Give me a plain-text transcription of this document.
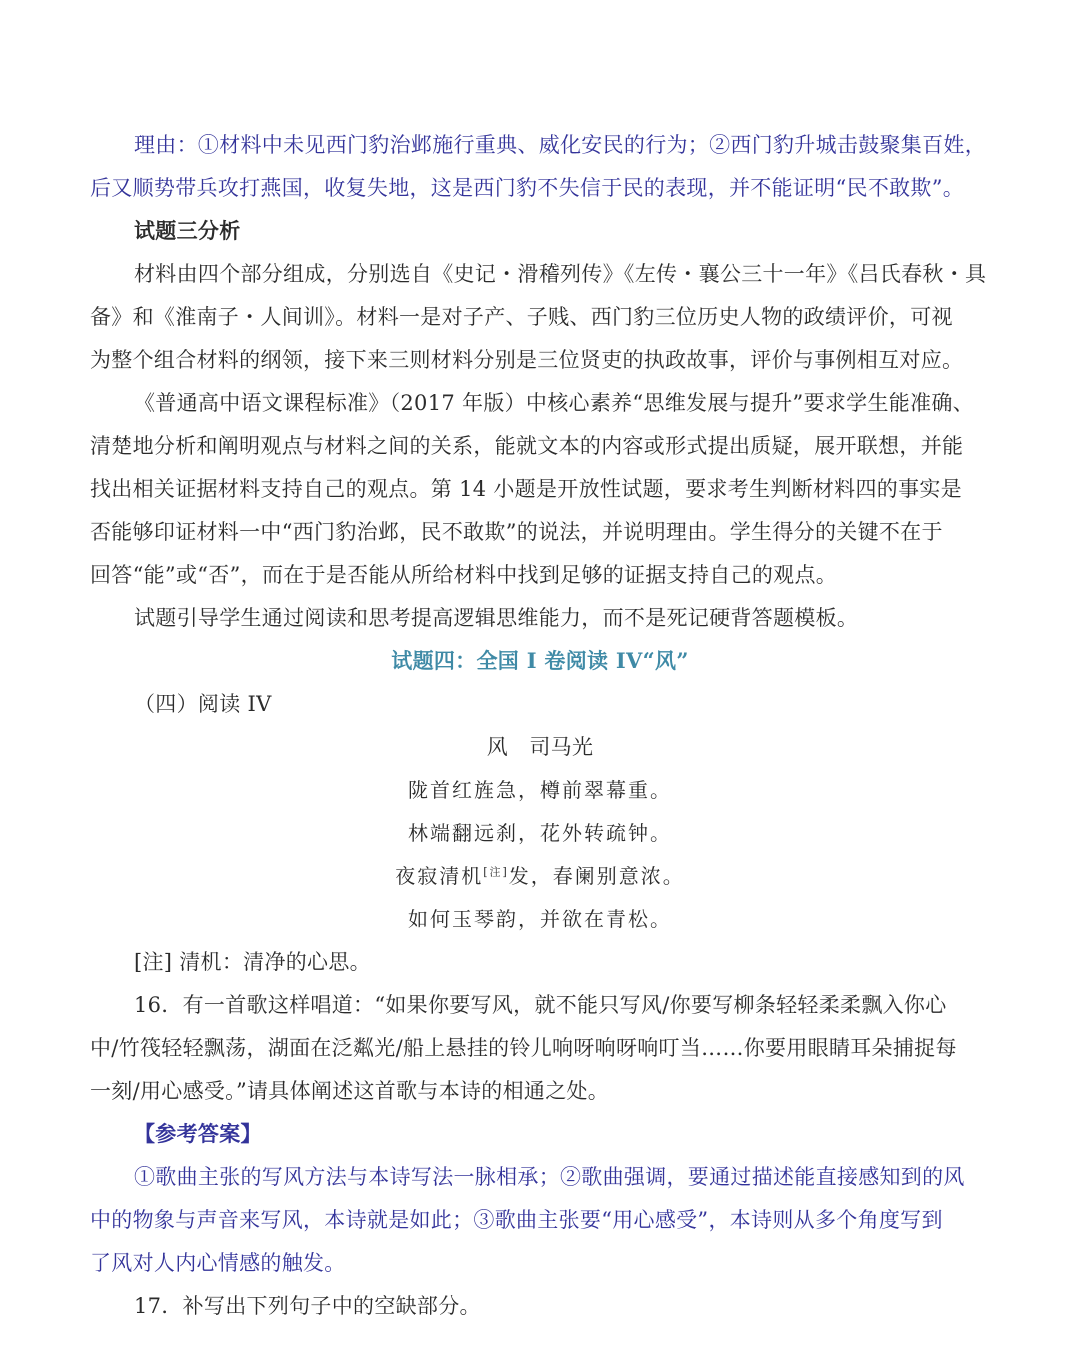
理由：①材料中未见西门豹治邺施行重典、威化安民的行为；②西门豹升城击鼓聚集百姓，
后又顺势带兵攻打燕国，收复失地，这是西门豹不失信于民的表现，并不能证明“民不敢欺”。
试题三分析
材料由四个部分组成，分别选自《史记・滑稽列传》《左传・襄公三十一年》《吕氏春秋・具
备》和《淮南子・人间训》。材料一是对子产、子贱、西门豹三位历史人物的政绩评价，可视
为整个组合材料的纲领，接下来三则材料分别是三位贤吏的执政故事，评价与事例相互对应。
《普通高中语文课程标准》（2017 年版）中核心素养“思维发展与提升”要求学生能准确、
清楚地分析和阐明观点与材料之间的关系，能就文本的内容或形式提出质疑，展开联想，并能
找出相关证据材料支持自己的观点。第 14 小题是开放性试题，要求考生判断材料四的事实是
否能够印证材料一中“西门豹治邺，民不敢欺”的说法，并说明理由。学生得分的关键不在于
回答“能”或“否”，而在于是否能从所给材料中找到足够的证据支持自己的观点。
试题引导学生通过阅读和思考提高逻辑思维能力，而不是死记硬背答题模板。
试题四：全国 I 卷阅读 IV“风”
（四）阅读 IV
风　司马光
陇首红旌急，樽前翠幕重。
林端翻远刹，花外转疏钟。
夜寂清机[注]发，春阑别意浓。
如何玉琴韵，并欲在青松。
[注] 清机：清净的心思。
16．有一首歌这样唱道：“如果你要写风，就不能只写风/你要写柳条轻轻柔柔飘入你心
中/竹筏轻轻飘荡，湖面在泛粼光/船上悬挂的铃儿响呀响呀响叮当……你要用眼睛耳朵捕捉每
一刻/用心感受。”请具体阐述这首歌与本诗的相通之处。
【参考答案】
①歌曲主张的写风方法与本诗写法一脉相承；②歌曲强调，要通过描述能直接感知到的风
中的物象与声音来写风，本诗就是如此；③歌曲主张要“用心感受”，本诗则从多个角度写到
了风对人内心情感的触发。
17．补写出下列句子中的空缺部分。
